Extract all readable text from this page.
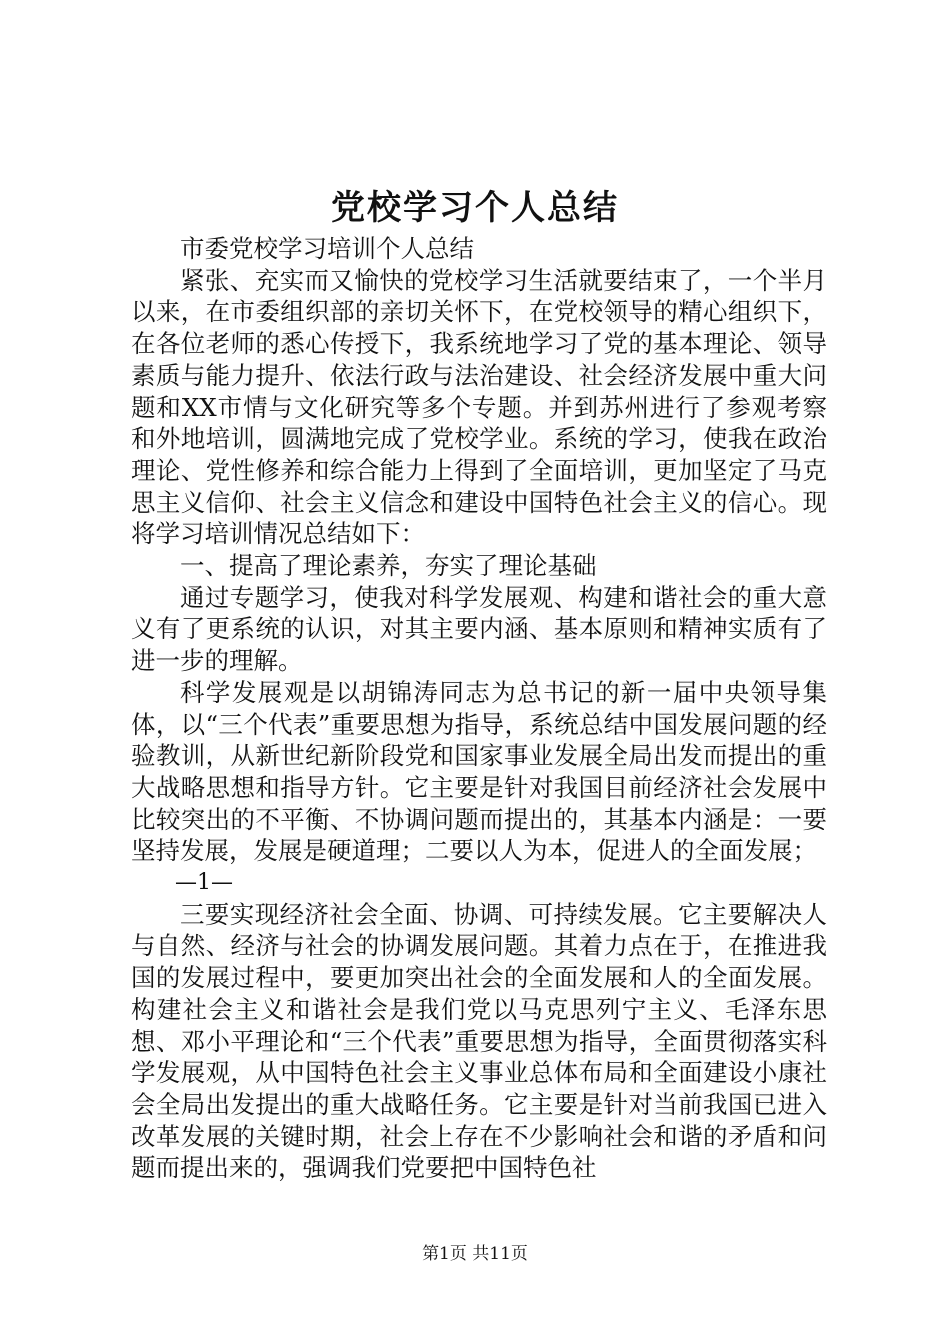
党校学习个人总结

市委党校学习培训个人总结

紧张、充实而又愉快的党校学习生活就要结束了，一个半月以来，在市委组织部的亲切关怀下，在党校领导的精心组织下，在各位老师的悉心传授下，我系统地学习了党的基本理论、领导素质与能力提升、依法行政与法治建设、社会经济发展中重大问题和XX市情与文化研究等多个专题。并到苏州进行了参观考察和外地培训，圆满地完成了党校学业。系统的学习，使我在政治理论、党性修养和综合能力上得到了全面培训，更加坚定了马克思主义信仰、社会主义信念和建设中国特色社会主义的信心。现将学习培训情况总结如下：

一、提高了理论素养，夯实了理论基础

通过专题学习，使我对科学发展观、构建和谐社会的重大意义有了更系统的认识，对其主要内涵、基本原则和精神实质有了进一步的理解。

科学发展观是以胡锦涛同志为总书记的新一届中央领导集体，以“三个代表”重要思想为指导，系统总结中国发展问题的经验教训，从新世纪新阶段党和国家事业发展全局出发而提出的重大战略思想和指导方针。它主要是针对我国目前经济社会发展中比较突出的不平衡、不协调问题而提出的，其基本内涵是：一要坚持发展，发展是硬道理；二要以人为本，促进人的全面发展；

—1—

三要实现经济社会全面、协调、可持续发展。它主要解决人与自然、经济与社会的协调发展问题。其着力点在于，在推进我国的发展过程中，要更加突出社会的全面发展和人的全面发展。构建社会主义和谐社会是我们党以马克思列宁主义、毛泽东思想、邓小平理论和“三个代表”重要思想为指导，全面贯彻落实科学发展观，从中国特色社会主义事业总体布局和全面建设小康社会全局出发提出的重大战略任务。它主要是针对当前我国已进入改革发展的关键时期，社会上存在不少影响社会和谐的矛盾和问题而提出来的，强调我们党要把中国特色社

第1页 共11页
